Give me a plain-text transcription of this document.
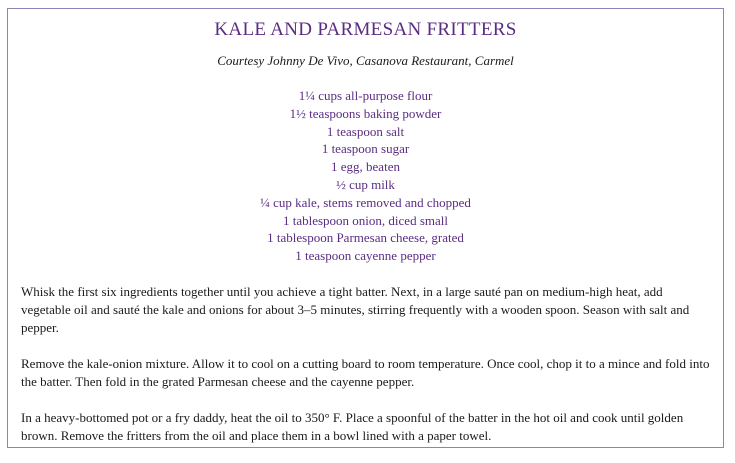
KALE AND PARMESAN FRITTERS
Courtesy Johnny De Vivo, Casanova Restaurant, Carmel
1¼ cups all-purpose flour
1½ teaspoons baking powder
1 teaspoon salt
1 teaspoon sugar
1 egg, beaten
½ cup milk
¼ cup kale, stems removed and chopped
1 tablespoon onion, diced small
1 tablespoon Parmesan cheese, grated
1 teaspoon cayenne pepper

Whisk the first six ingredients together until you achieve a tight batter. Next, in a large sauté pan on medium-high heat, add vegetable oil and sauté the kale and onions for about 3–5 minutes, stirring frequently with a wooden spoon. Season with salt and pepper.

Remove the kale-onion mixture. Allow it to cool on a cutting board to room temperature. Once cool, chop it to a mince and fold into the batter. Then fold in the grated Parmesan cheese and the cayenne pepper.

In a heavy-bottomed pot or a fry daddy, heat the oil to 350° F. Place a spoonful of the batter in the hot oil and cook until golden brown. Remove the fritters from the oil and place them in a bowl lined with a paper towel.
